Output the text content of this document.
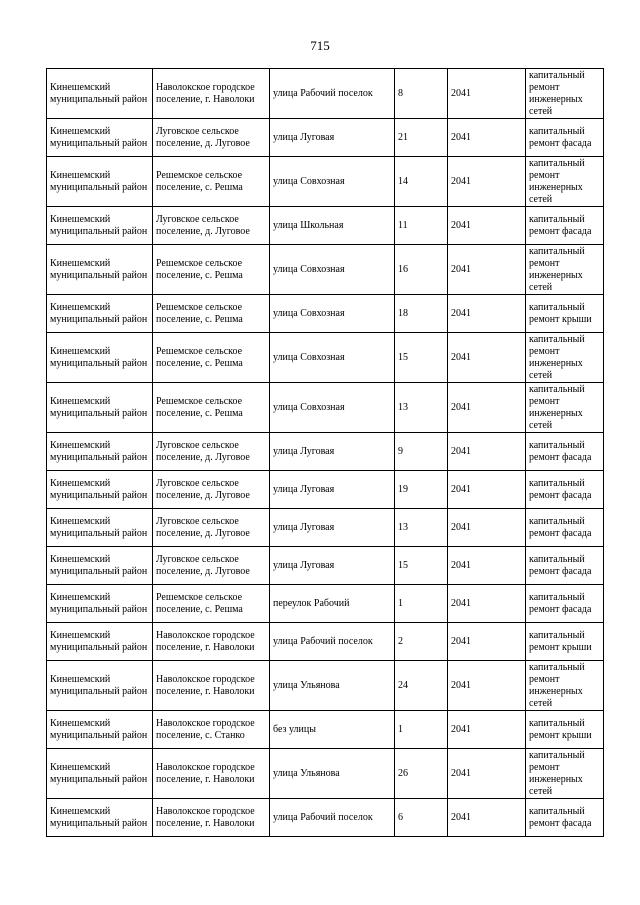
715
Кинешемский муниципальный район	Наволокское городское поселение, г. Наволоки	улица Рабочий поселок	8	2041	капитальный ремонт инженерных сетей
Кинешемский муниципальный район	Луговское сельское поселение, д. Луговое	улица Луговая	21	2041	капитальный ремонт фасада
Кинешемский муниципальный район	Решемское сельское поселение, с. Решма	улица Совхозная	14	2041	капитальный ремонт инженерных сетей
Кинешемский муниципальный район	Луговское сельское поселение, д. Луговое	улица Школьная	11	2041	капитальный ремонт фасада
Кинешемский муниципальный район	Решемское сельское поселение, с. Решма	улица Совхозная	16	2041	капитальный ремонт инженерных сетей
Кинешемский муниципальный район	Решемское сельское поселение, с. Решма	улица Совхозная	18	2041	капитальный ремонт крыши
Кинешемский муниципальный район	Решемское сельское поселение, с. Решма	улица Совхозная	15	2041	капитальный ремонт инженерных сетей
Кинешемский муниципальный район	Решемское сельское поселение, с. Решма	улица Совхозная	13	2041	капитальный ремонт инженерных сетей
Кинешемский муниципальный район	Луговское сельское поселение, д. Луговое	улица Луговая	9	2041	капитальный ремонт фасада
Кинешемский муниципальный район	Луговское сельское поселение, д. Луговое	улица Луговая	19	2041	капитальный ремонт фасада
Кинешемский муниципальный район	Луговское сельское поселение, д. Луговое	улица Луговая	13	2041	капитальный ремонт фасада
Кинешемский муниципальный район	Луговское сельское поселение, д. Луговое	улица Луговая	15	2041	капитальный ремонт фасада
Кинешемский муниципальный район	Решемское сельское поселение, с. Решма	переулок Рабочий	1	2041	капитальный ремонт фасада
Кинешемский муниципальный район	Наволокское городское поселение, г. Наволоки	улица Рабочий поселок	2	2041	капитальный ремонт крыши
Кинешемский муниципальный район	Наволокское городское поселение, г. Наволоки	улица Ульянова	24	2041	капитальный ремонт инженерных сетей
Кинешемский муниципальный район	Наволокское городское поселение, с. Станко	без улицы	1	2041	капитальный ремонт крыши
Кинешемский муниципальный район	Наволокское городское поселение, г. Наволоки	улица Ульянова	26	2041	капитальный ремонт инженерных сетей
Кинешемский муниципальный район	Наволокское городское поселение, г. Наволоки	улица Рабочий поселок	6	2041	капитальный ремонт фасада
